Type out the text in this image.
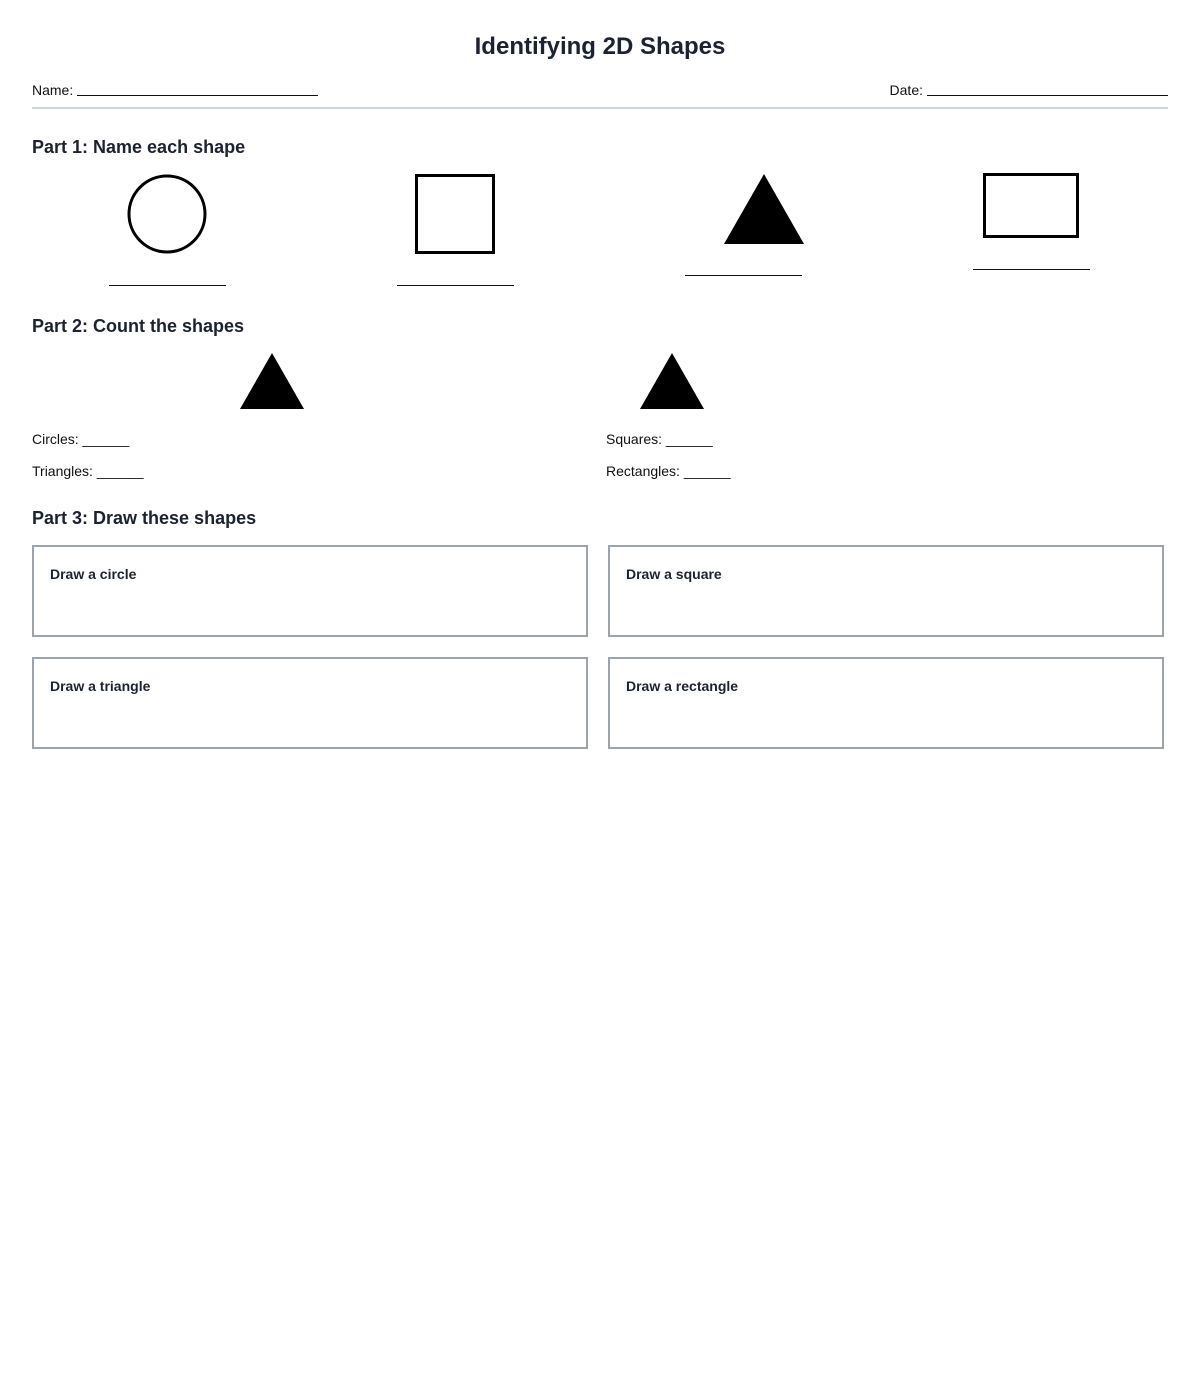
Identifying 2D Shapes
Name:	Date:
Part 1: Name each shape
Part 2: Count the shapes
Circles: ______	Squares: ______
Triangles: ______	Rectangles: ______
Part 3: Draw these shapes
Draw a circle	Draw a square
Draw a triangle	Draw a rectangle
